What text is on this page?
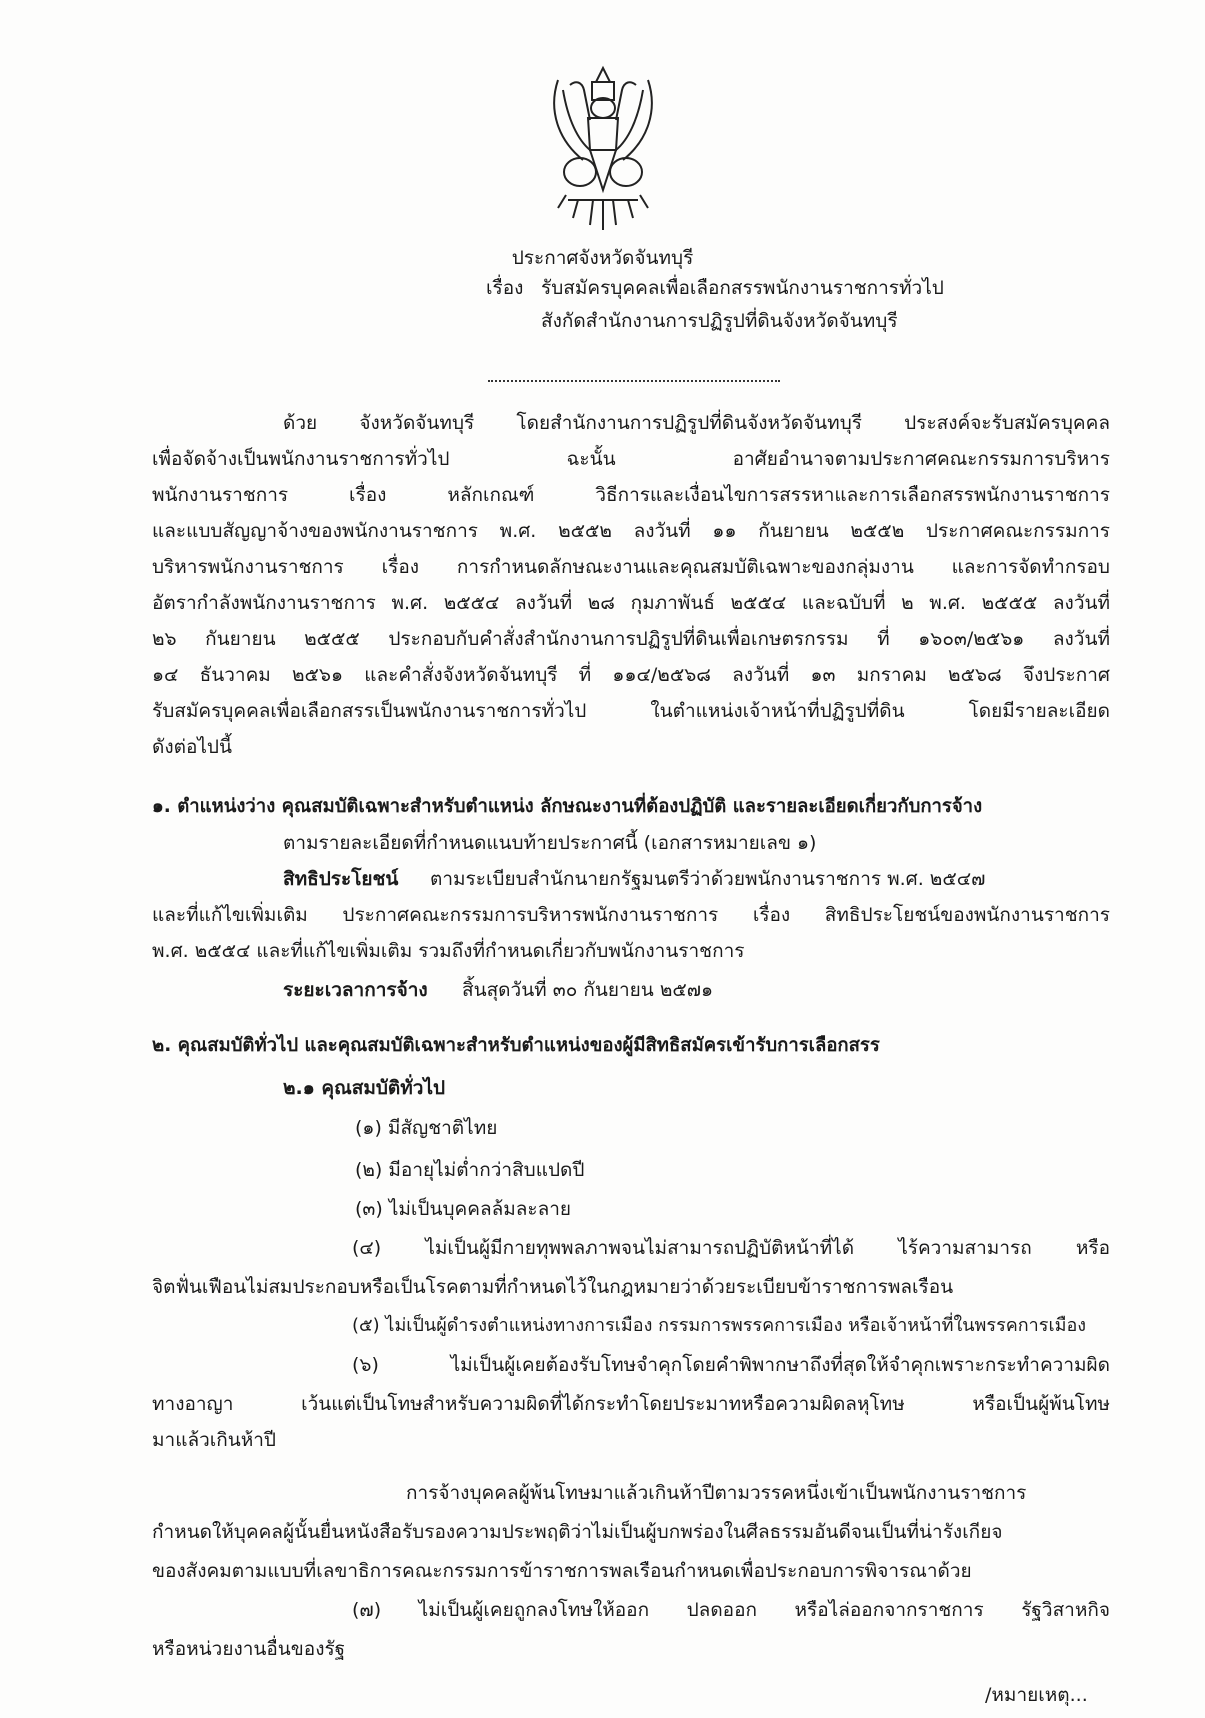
ประกาศจังหวัดจันทบุรี
เรื่อง รับสมัครบุคคลเพื่อเลือกสรรพนักงานราชการทั่วไป
สังกัดสำนักงานการปฏิรูปที่ดินจังหวัดจันทบุรี
ด้วย จังหวัดจันทบุรี โดยสำนักงานการปฏิรูปที่ดินจังหวัดจันทบุรี ประสงค์จะรับสมัครบุคคล
เพื่อจัดจ้างเป็นพนักงานราชการทั่วไป ฉะนั้น อาศัยอำนาจตามประกาศคณะกรรมการบริหาร
พนักงานราชการ เรื่อง หลักเกณฑ์ วิธีการและเงื่อนไขการสรรหาและการเลือกสรรพนักงานราชการ
และแบบสัญญาจ้างของพนักงานราชการ พ.ศ. ๒๕๕๒ ลงวันที่ ๑๑ กันยายน ๒๕๕๒ ประกาศคณะกรรมการ
บริหารพนักงานราชการ เรื่อง การกำหนดลักษณะงานและคุณสมบัติเฉพาะของกลุ่มงาน และการจัดทำกรอบ
อัตรากำลังพนักงานราชการ พ.ศ. ๒๕๕๔ ลงวันที่ ๒๘ กุมภาพันธ์ ๒๕๕๔ และฉบับที่ ๒ พ.ศ. ๒๕๕๕ ลงวันที่
๒๖ กันยายน ๒๕๕๕ ประกอบกับคำสั่งสำนักงานการปฏิรูปที่ดินเพื่อเกษตรกรรม ที่ ๑๖๐๓/๒๕๖๑ ลงวันที่
๑๔ ธันวาคม ๒๕๖๑ และคำสั่งจังหวัดจันทบุรี ที่ ๑๑๔/๒๕๖๘ ลงวันที่ ๑๓ มกราคม ๒๕๖๘ จึงประกาศ
รับสมัครบุคคลเพื่อเลือกสรรเป็นพนักงานราชการทั่วไป ในตำแหน่งเจ้าหน้าที่ปฏิรูปที่ดิน โดยมีรายละเอียด
ดังต่อไปนี้
๑. ตำแหน่งว่าง คุณสมบัติเฉพาะสำหรับตำแหน่ง ลักษณะงานที่ต้องปฏิบัติ และรายละเอียดเกี่ยวกับการจ้าง
ตามรายละเอียดที่กำหนดแนบท้ายประกาศนี้ (เอกสารหมายเลข ๑)
สิทธิประโยชน์ ตามระเบียบสำนักนายกรัฐมนตรีว่าด้วยพนักงานราชการ พ.ศ. ๒๕๔๗
และที่แก้ไขเพิ่มเติม ประกาศคณะกรรมการบริหารพนักงานราชการ เรื่อง สิทธิประโยชน์ของพนักงานราชการ
พ.ศ. ๒๕๕๔ และที่แก้ไขเพิ่มเติม รวมถึงที่กำหนดเกี่ยวกับพนักงานราชการ
ระยะเวลาการจ้าง สิ้นสุดวันที่ ๓๐ กันยายน ๒๕๗๑
๒. คุณสมบัติทั่วไป และคุณสมบัติเฉพาะสำหรับตำแหน่งของผู้มีสิทธิสมัครเข้ารับการเลือกสรร
๒.๑ คุณสมบัติทั่วไป
(๑) มีสัญชาติไทย
(๒) มีอายุไม่ต่ำกว่าสิบแปดปี
(๓) ไม่เป็นบุคคลล้มละลาย
(๔) ไม่เป็นผู้มีกายทุพพลภาพจนไม่สามารถปฏิบัติหน้าที่ได้ ไร้ความสามารถ หรือ
จิตฟั่นเฟือนไม่สมประกอบหรือเป็นโรคตามที่กำหนดไว้ในกฎหมายว่าด้วยระเบียบข้าราชการพลเรือน
(๕) ไม่เป็นผู้ดำรงตำแหน่งทางการเมือง กรรมการพรรคการเมือง หรือเจ้าหน้าที่ในพรรคการเมือง
(๖) ไม่เป็นผู้เคยต้องรับโทษจำคุกโดยคำพิพากษาถึงที่สุดให้จำคุกเพราะกระทำความผิด
ทางอาญา เว้นแต่เป็นโทษสำหรับความผิดที่ได้กระทำโดยประมาทหรือความผิดลหุโทษ หรือเป็นผู้พ้นโทษ
มาแล้วเกินห้าปี
การจ้างบุคคลผู้พ้นโทษมาแล้วเกินห้าปีตามวรรคหนึ่งเข้าเป็นพนักงานราชการ
กำหนดให้บุคคลผู้นั้นยื่นหนังสือรับรองความประพฤติว่าไม่เป็นผู้บกพร่องในศีลธรรมอันดีจนเป็นที่น่ารังเกียจ
ของสังคมตามแบบที่เลขาธิการคณะกรรมการข้าราชการพลเรือนกำหนดเพื่อประกอบการพิจารณาด้วย
(๗) ไม่เป็นผู้เคยถูกลงโทษให้ออก ปลดออก หรือไล่ออกจากราชการ รัฐวิสาหกิจ
หรือหน่วยงานอื่นของรัฐ
/หมายเหตุ...
